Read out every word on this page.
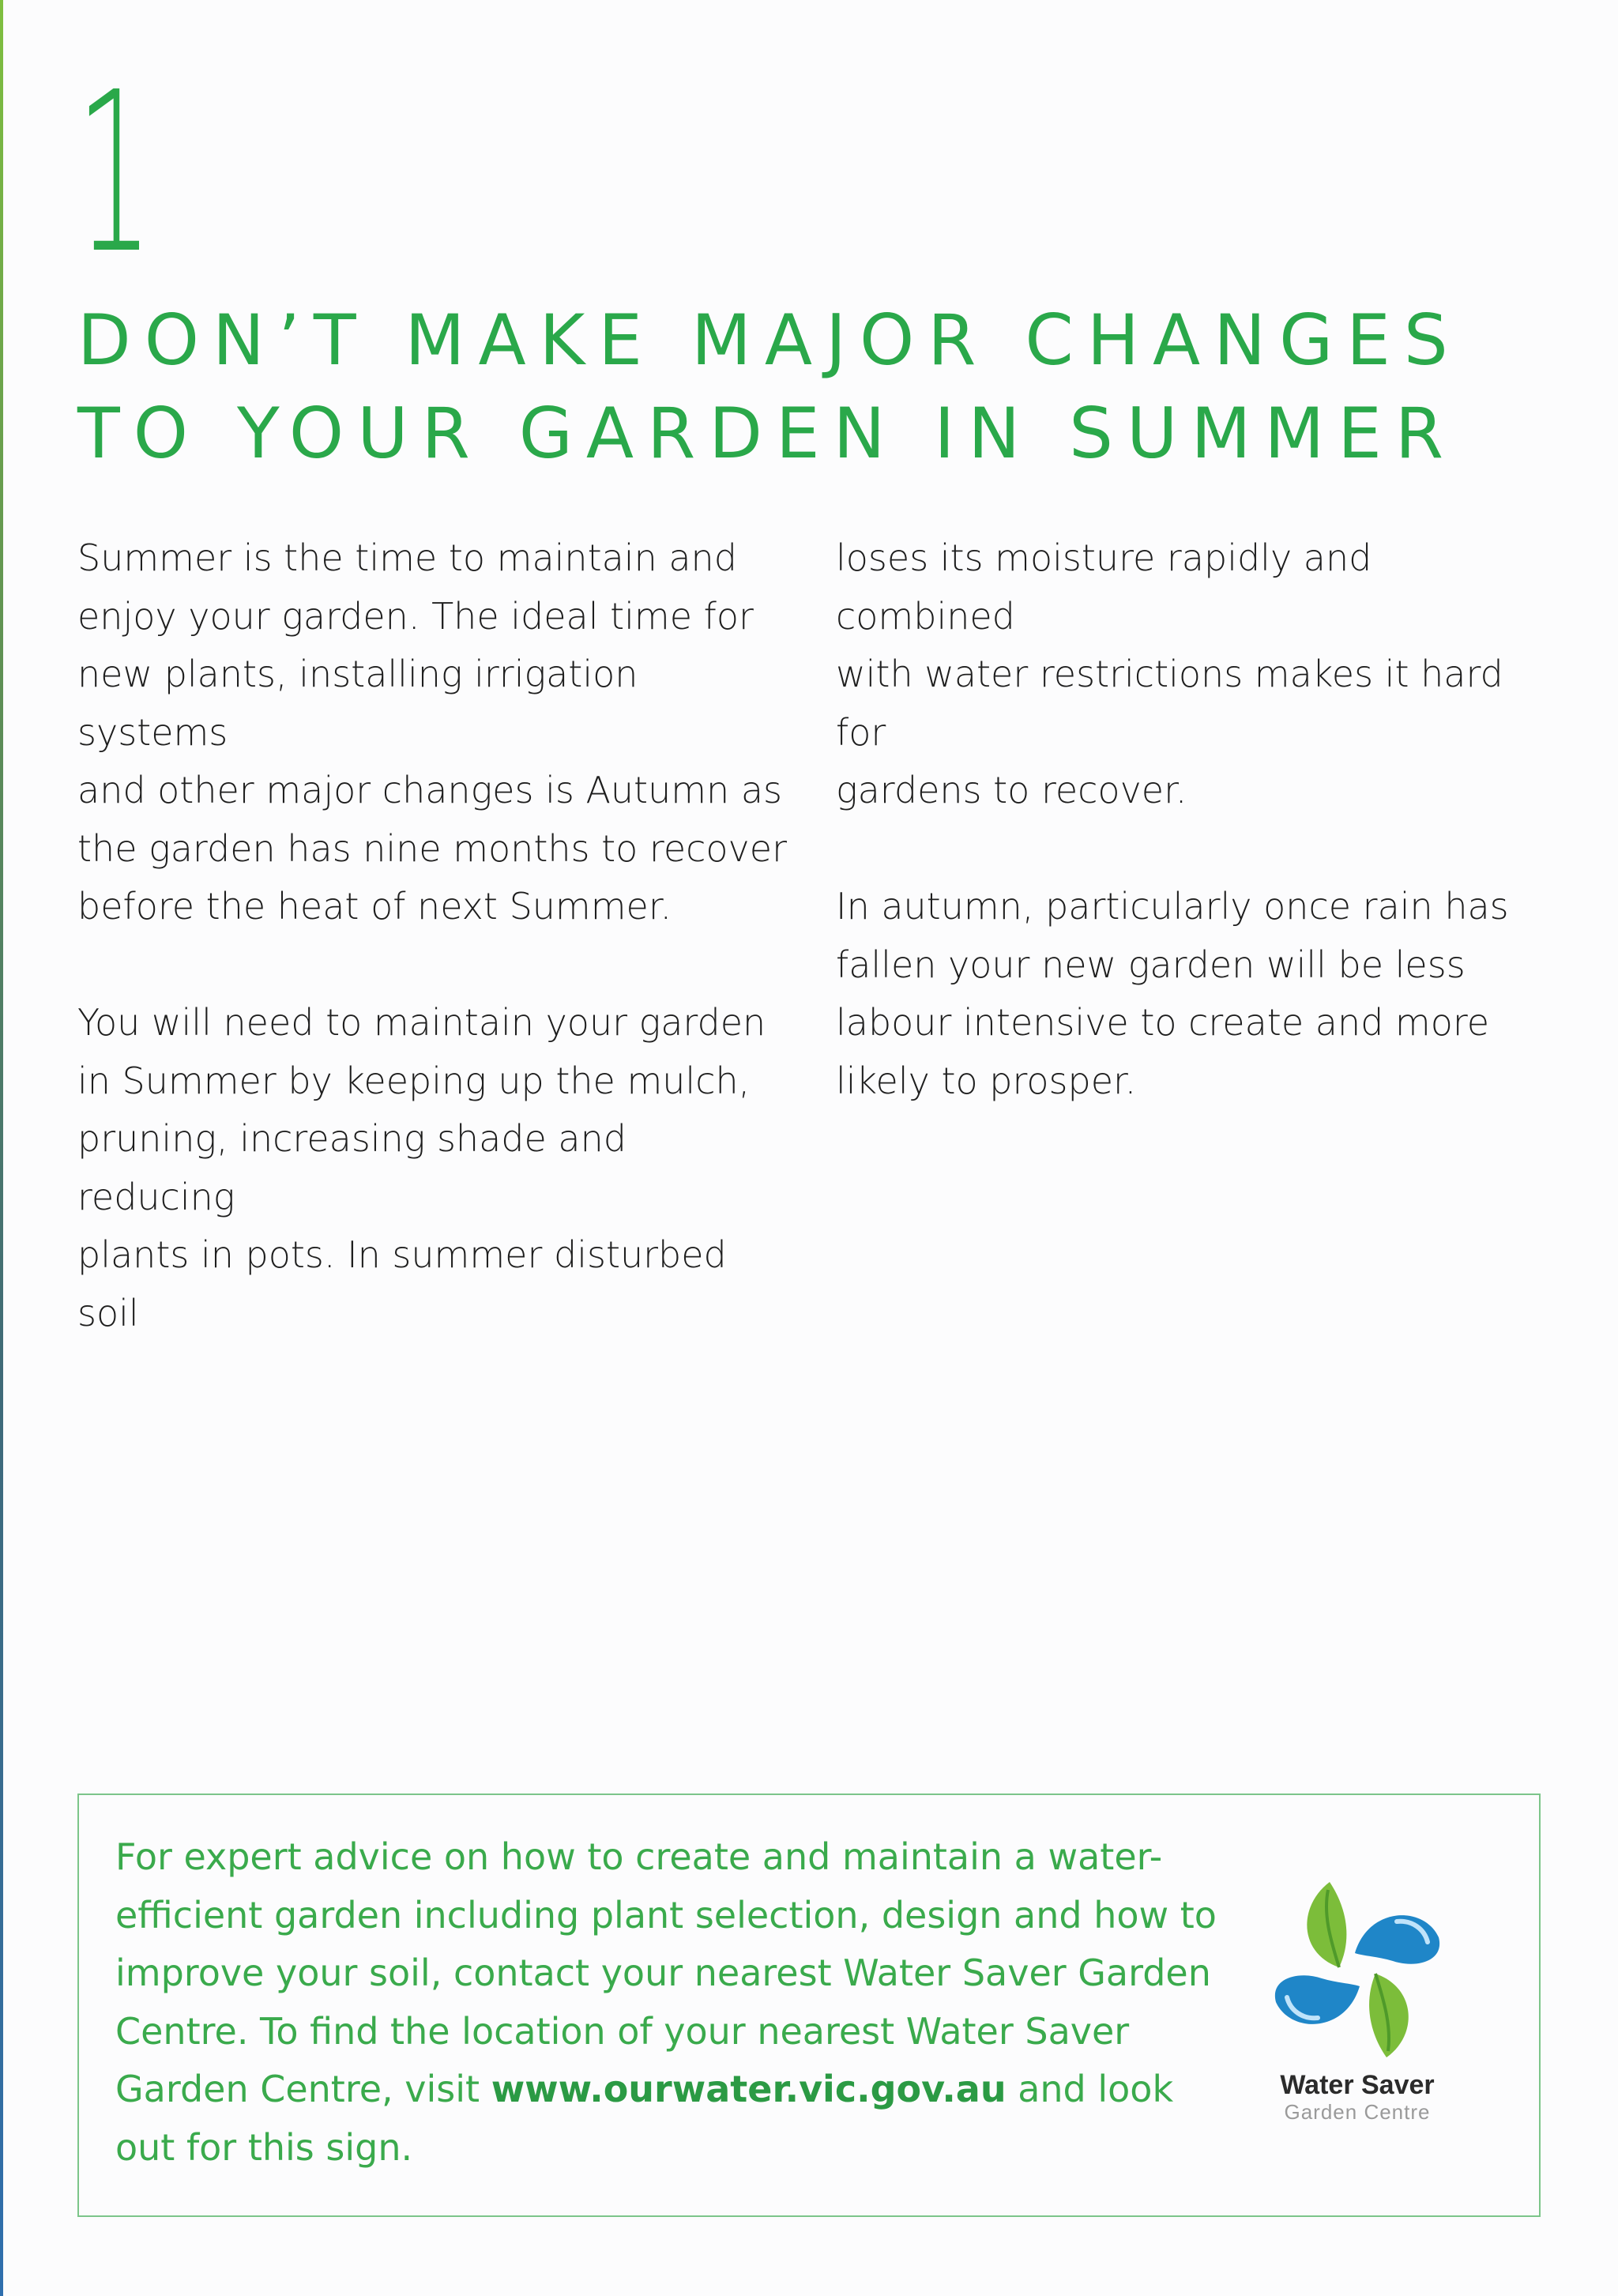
1
DON’T MAKE MAJOR CHANGES
TO YOUR GARDEN IN SUMMER

Summer is the time to maintain and
enjoy your garden. The ideal time for
new plants, installing irrigation systems
and other major changes is Autumn as
the garden has nine months to recover
before the heat of next Summer.

You will need to maintain your garden
in Summer by keeping up the mulch,
pruning, increasing shade and reducing
plants in pots. In summer disturbed soil

loses its moisture rapidly and combined
with water restrictions makes it hard for
gardens to recover.

In autumn, particularly once rain has
fallen your new garden will be less
labour intensive to create and more
likely to prosper.

For expert advice on how to create and maintain a water-efficient garden including plant selection, design and how to improve your soil, contact your nearest Water Saver Garden Centre. To find the location of your nearest Water Saver Garden Centre, visit www.ourwater.vic.gov.au and look out for this sign.

Water Saver
Garden Centre
